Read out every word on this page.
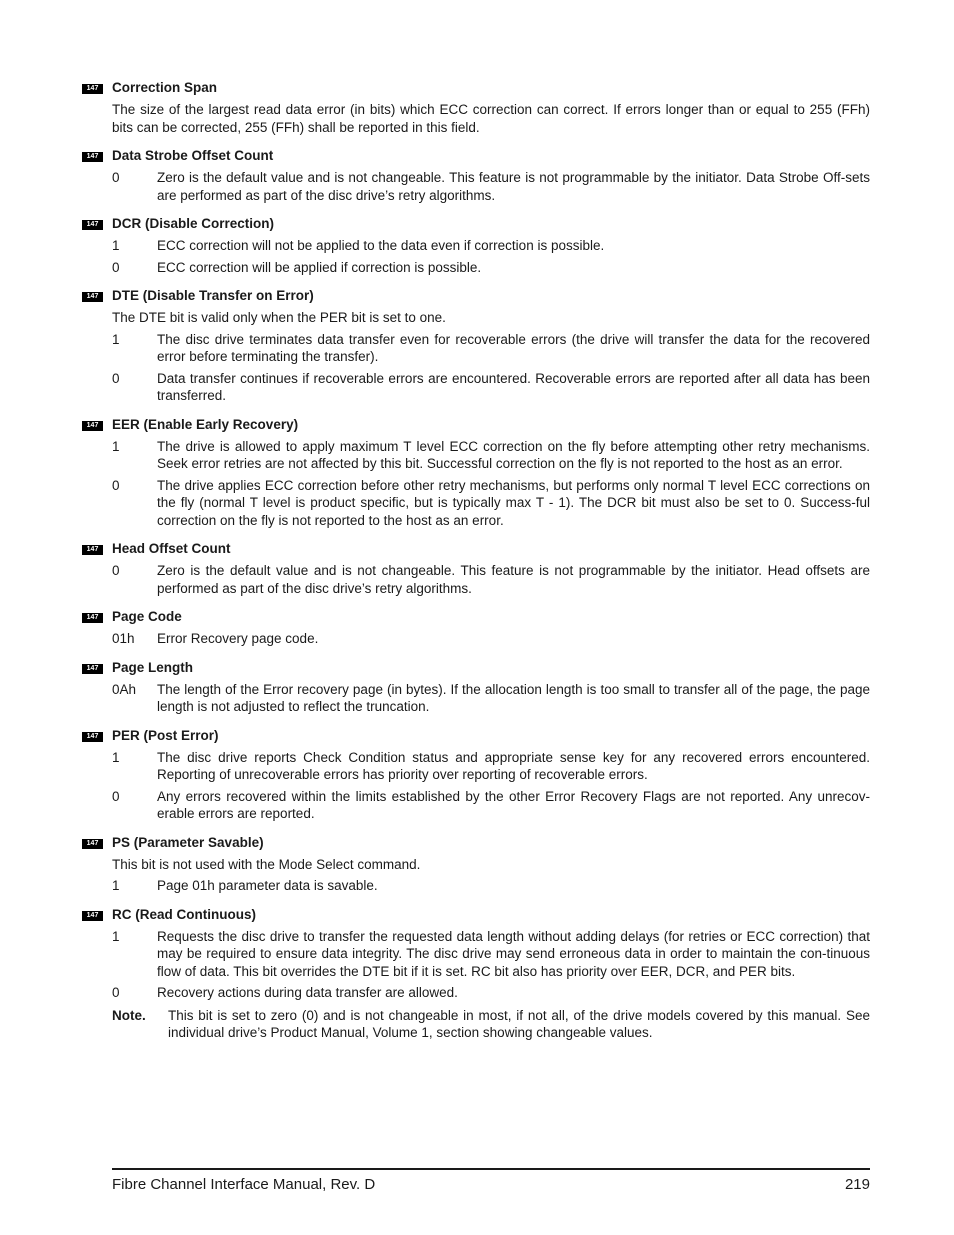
147	Correction Span
The size of the largest read data error (in bits) which ECC correction can correct. If errors longer than or equal to 255 (FFh) bits can be corrected, 255 (FFh) shall be reported in this field.
147	Data Strobe Offset Count
0	Zero is the default value and is not changeable. This feature is not programmable by the initiator. Data Strobe Off-sets are performed as part of the disc drive’s retry algorithms.
147	DCR (Disable Correction)
1	ECC correction will not be applied to the data even if correction is possible.
0	ECC correction will be applied if correction is possible.
147	DTE (Disable Transfer on Error)
The DTE bit is valid only when the PER bit is set to one.
1	The disc drive terminates data transfer even for recoverable errors (the drive will transfer the data for the recovered error before terminating the transfer).
0	Data transfer continues if recoverable errors are encountered. Recoverable errors are reported after all data has been transferred.
147	EER (Enable Early Recovery)
1	The drive is allowed to apply maximum T level ECC correction on the fly before attempting other retry mechanisms. Seek error retries are not affected by this bit. Successful correction on the fly is not reported to the host as an error.
0	The drive applies ECC correction before other retry mechanisms, but performs only normal T level ECC corrections on the fly (normal T level is product specific, but is typically max T - 1). The DCR bit must also be set to 0. Success-ful correction on the fly is not reported to the host as an error.
147	Head Offset Count
0	Zero is the default value and is not changeable. This feature is not programmable by the initiator. Head offsets are performed as part of the disc drive’s retry algorithms.
147	Page Code
01h	Error Recovery page code.
147	Page Length
0Ah	The length of the Error recovery page (in bytes). If the allocation length is too small to transfer all of the page, the page length is not adjusted to reflect the truncation.
147	PER (Post Error)
1	The disc drive reports Check Condition status and appropriate sense key for any recovered errors encountered. Reporting of unrecoverable errors has priority over reporting of recoverable errors.
0	Any errors recovered within the limits established by the other Error Recovery Flags are not reported. Any unrecov-erable errors are reported.
147	PS (Parameter Savable)
This bit is not used with the Mode Select command.
1	Page 01h parameter data is savable.
147	RC (Read Continuous)
1	Requests the disc drive to transfer the requested data length without adding delays (for retries or ECC correction) that may be required to ensure data integrity. The disc drive may send erroneous data in order to maintain the con-tinuous flow of data. This bit overrides the DTE bit if it is set. RC bit also has priority over EER, DCR, and PER bits.
0	Recovery actions during data transfer are allowed.
Note.	This bit is set to zero (0) and is not changeable in most, if not all, of the drive models covered by this manual. See individual drive’s Product Manual, Volume 1, section showing changeable values.
Fibre Channel Interface Manual, Rev. D	219
